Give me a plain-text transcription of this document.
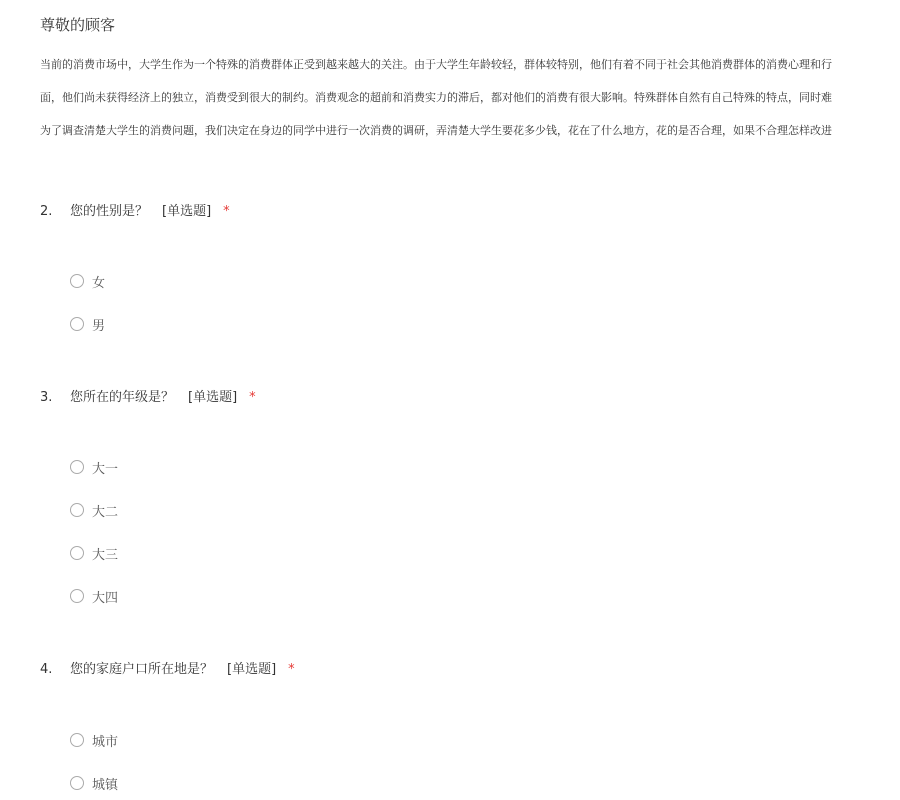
尊敬的顾客
当前的消费市场中，大学生作为一个特殊的消费群体正受到越来越大的关注。由于大学生年龄较轻，群体较特别，他们有着不同于社会其他消费群体的消费心理和行
面，他们尚未获得经济上的独立，消费受到很大的制约。消费观念的超前和消费实力的滞后，都对他们的消费有很大影响。特殊群体自然有自己特殊的特点，同时难
为了调查清楚大学生的消费问题，我们决定在身边的同学中进行一次消费的调研，弄清楚大学生要花多少钱，花在了什么地方，花的是否合理，如果不合理怎样改进
2. 您的性别是？ [单选题] *
女
男
3. 您所在的年级是？ [单选题] *
大一
大二
大三
大四
4. 您的家庭户口所在地是？ [单选题] *
城市
城镇
